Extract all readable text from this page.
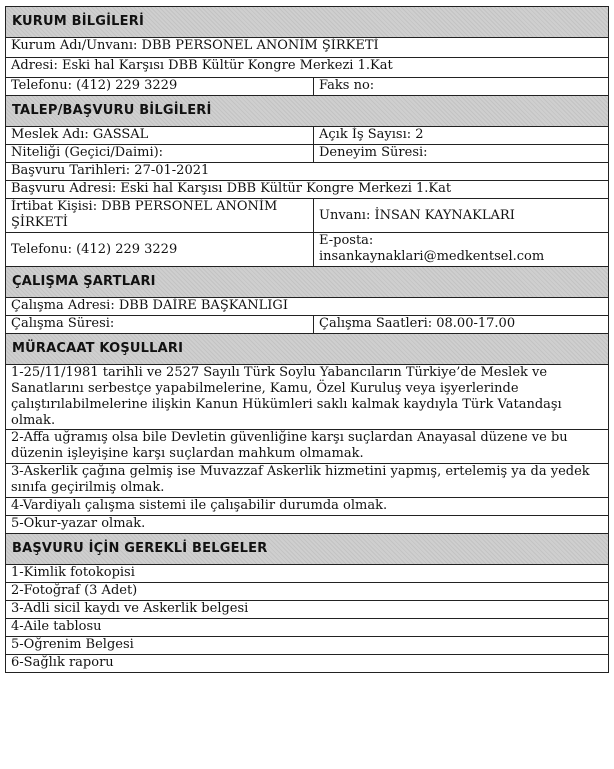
KURUM BİLGİLERİ	
Kurum Adı/Unvanı: DBB PERSONEL ANONİM ŞİRKETİ	
Adresi: Eski hal Karşısı DBB Kültür Kongre Merkezi 1.Kat	
Telefonu: (412) 229 3229	Faks no:
TALEP/BAŞVURU BİLGİLERİ	
Meslek Adı: GASSAL	Açık İş Sayısı: 2
Niteliği (Geçici/Daimi):	Deneyim Süresi:
Başvuru Tarihleri: 27-01-2021	
Başvuru Adresi: Eski hal Karşısı DBB Kültür Kongre Merkezi 1.Kat	
İrtibat Kişisi: DBB PERSONEL ANONİM ŞİRKETİ	Unvanı: İNSAN KAYNAKLARI
Telefonu: (412) 229 3229	E-posta:
insankaynaklari@medkentsel.com

ÇALIŞMA ŞARTLARI	
Çalışma Adresi: DBB DAİRE BAŞKANLIĞI	
Çalışma Süresi:	Çalışma Saatleri: 08.00-17.00
MÜRACAAT KOŞULLARI	
1-25/11/1981 tarihli ve 2527 Sayılı Türk Soylu Yabancıların Türkiye’de Meslek ve Sanatlarını serbestçe yapabilmelerine, Kamu, Özel Kuruluş veya işyerlerinde çalıştırılabilmelerine ilişkin Kanun Hükümleri saklı kalmak kaydıyla Türk Vatandaşı olmak.	
2-Affa uğramış olsa bile Devletin güvenliğine karşı suçlardan Anayasal düzene ve bu düzenin işleyişine karşı suçlardan mahkum olmamak.	
3-Askerlik çağına gelmiş ise Muvazzaf Askerlik hizmetini yapmış, ertelemiş ya da yedek sınıfa geçirilmiş olmak.	
4-Vardiyalı çalışma sistemi ile çalışabilir durumda olmak.	
5-Okur-yazar olmak.	
BAŞVURU İÇİN GEREKLİ BELGELER	
1-Kimlik fotokopisi	
2-Fotoğraf (3 Adet)	
3-Adli sicil kaydı ve Askerlik belgesi	
4-Aile tablosu	
5-Öğrenim Belgesi	
6-Sağlık raporu	
